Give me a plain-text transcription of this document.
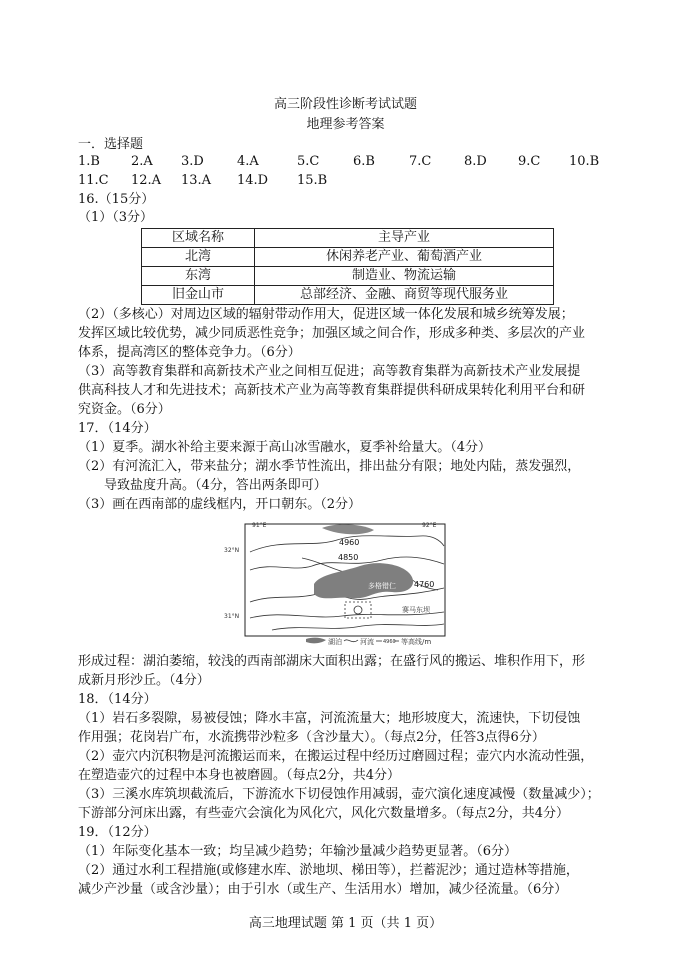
高三阶段性诊断考试试题
地理参考答案
一．选择题
1.B 2.A 3.D	4.A	5.C	6.B	7.C	8.D 9.C 10.B
11.C 12.A 13.A 14.D 15.B
16.（15分）
（1）（3分）
区域名称	主导产业
北湾	休闲养老产业、葡萄酒产业
东湾	制造业、物流运输
旧金山市	总部经济、金融、商贸等现代服务业
（2）（多核心）对周边区域的辐射带动作用大，促进区域一体化发展和城乡统筹发展；
发挥区域比较优势，减少同质恶性竞争；加强区域之间合作，形成多种类、多层次的产业
体系，提高湾区的整体竞争力。（6分）
（3）高等教育集群和高新技术产业之间相互促进；高等教育集群为高新技术产业发展提
供高科技人才和先进技术；高新技术产业为高等教育集群提供科研成果转化利用平台和研
究资金。（6分）
17．（14分）
（1）夏季。湖水补给主要来源于高山冰雪融水，夏季补给量大。（4分）
（2）有河流汇入，带来盐分；湖水季节性流出，排出盐分有限；地处内陆，蒸发强烈，
导致盐度升高。（4分，答出两条即可）
（3）画在西南部的虚线框内，开口朝东。（2分）
91°E	92°E
32°N
31°N
4960
4850
4760
多格错仁
赛马东坝
湖泊	河流 4960 等高线/m
形成过程：湖泊萎缩，较浅的西南部湖床大面积出露；在盛行风的搬运、堆积作用下，形
成新月形沙丘。（4分）
18．（14分）
（1）岩石多裂隙，易被侵蚀；降水丰富，河流流量大；地形坡度大，流速快，下切侵蚀
作用强；花岗岩广布，水流携带沙粒多（含沙量大）。（每点2分，任答3点得6分）
（2）壶穴内沉积物是河流搬运而来，在搬运过程中经历过磨圆过程；壶穴内水流动性强，
在塑造壶穴的过程中本身也被磨圆。（每点2分，共4分）
（3）三溪水库筑坝截流后，下游流水下切侵蚀作用减弱，壶穴演化速度减慢（数量减少）；
下游部分河床出露，有些壶穴会演化为风化穴，风化穴数量增多。（每点2分，共4分）
19．（12分）
（1）年际变化基本一致；均呈减少趋势；年输沙量减少趋势更显著。（6分）
（2）通过水利工程措施(或修建水库、淤地坝、梯田等），拦蓄泥沙；通过造林等措施，
减少产沙量（或含沙量）；由于引水（或生产、生活用水）增加，减少径流量。（6分）
高三地理试题 第 1 页（共 1 页）
